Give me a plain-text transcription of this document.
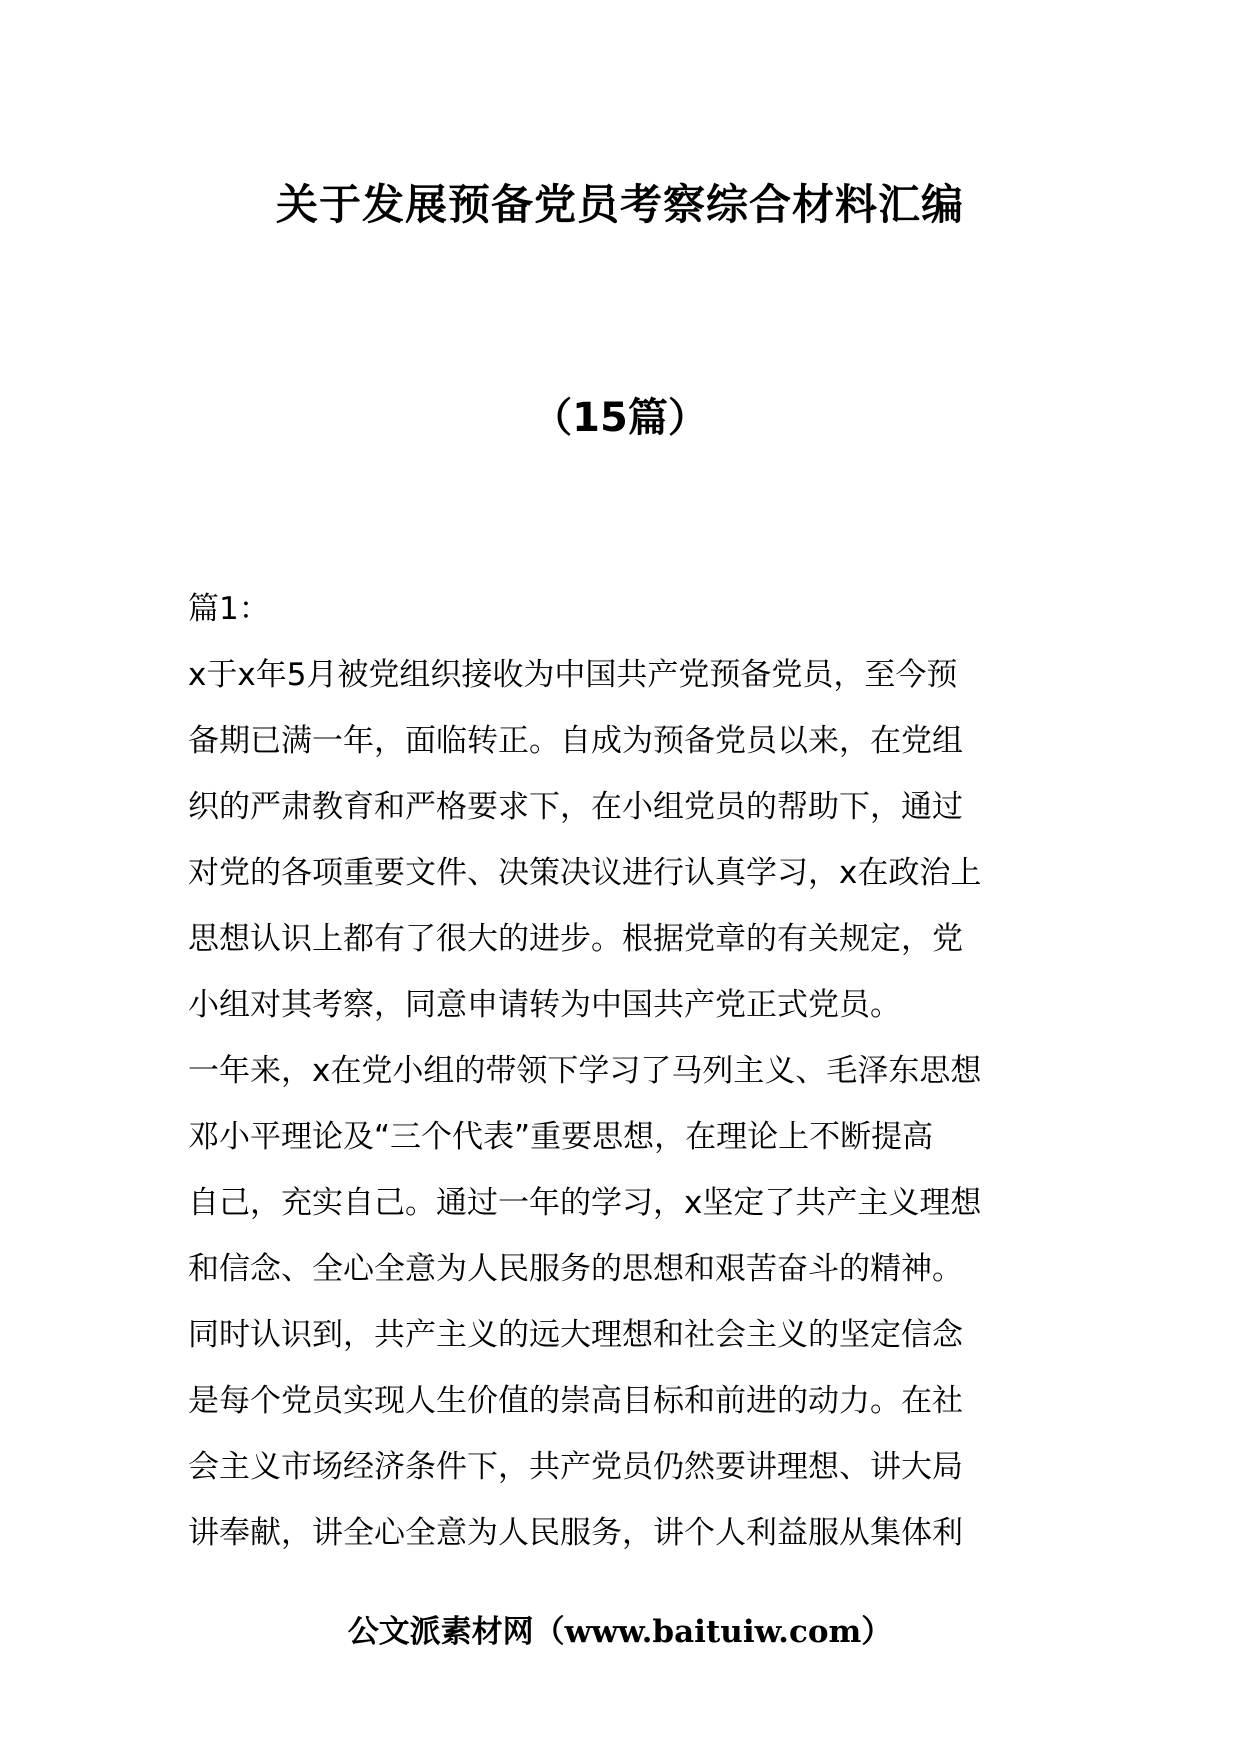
关于发展预备党员考察综合材料汇编
（15篇）
篇1：
x于x年5月被党组织接收为中国共产党预备党员，至今预
备期已满一年，面临转正。自成为预备党员以来，在党组
织的严肃教育和严格要求下，在小组党员的帮助下，通过
对党的各项重要文件、决策决议进行认真学习，x在政治上
思想认识上都有了很大的进步。根据党章的有关规定，党
小组对其考察，同意申请转为中国共产党正式党员。
一年来，x在党小组的带领下学习了马列主义、毛泽东思想
邓小平理论及“三个代表”重要思想，在理论上不断提高
自己，充实自己。通过一年的学习，x坚定了共产主义理想
和信念、全心全意为人民服务的思想和艰苦奋斗的精神。
同时认识到，共产主义的远大理想和社会主义的坚定信念
是每个党员实现人生价值的崇高目标和前进的动力。在社
会主义市场经济条件下，共产党员仍然要讲理想、讲大局
讲奉献，讲全心全意为人民服务，讲个人利益服从集体利
公文派素材网（www.baituiw.com）
